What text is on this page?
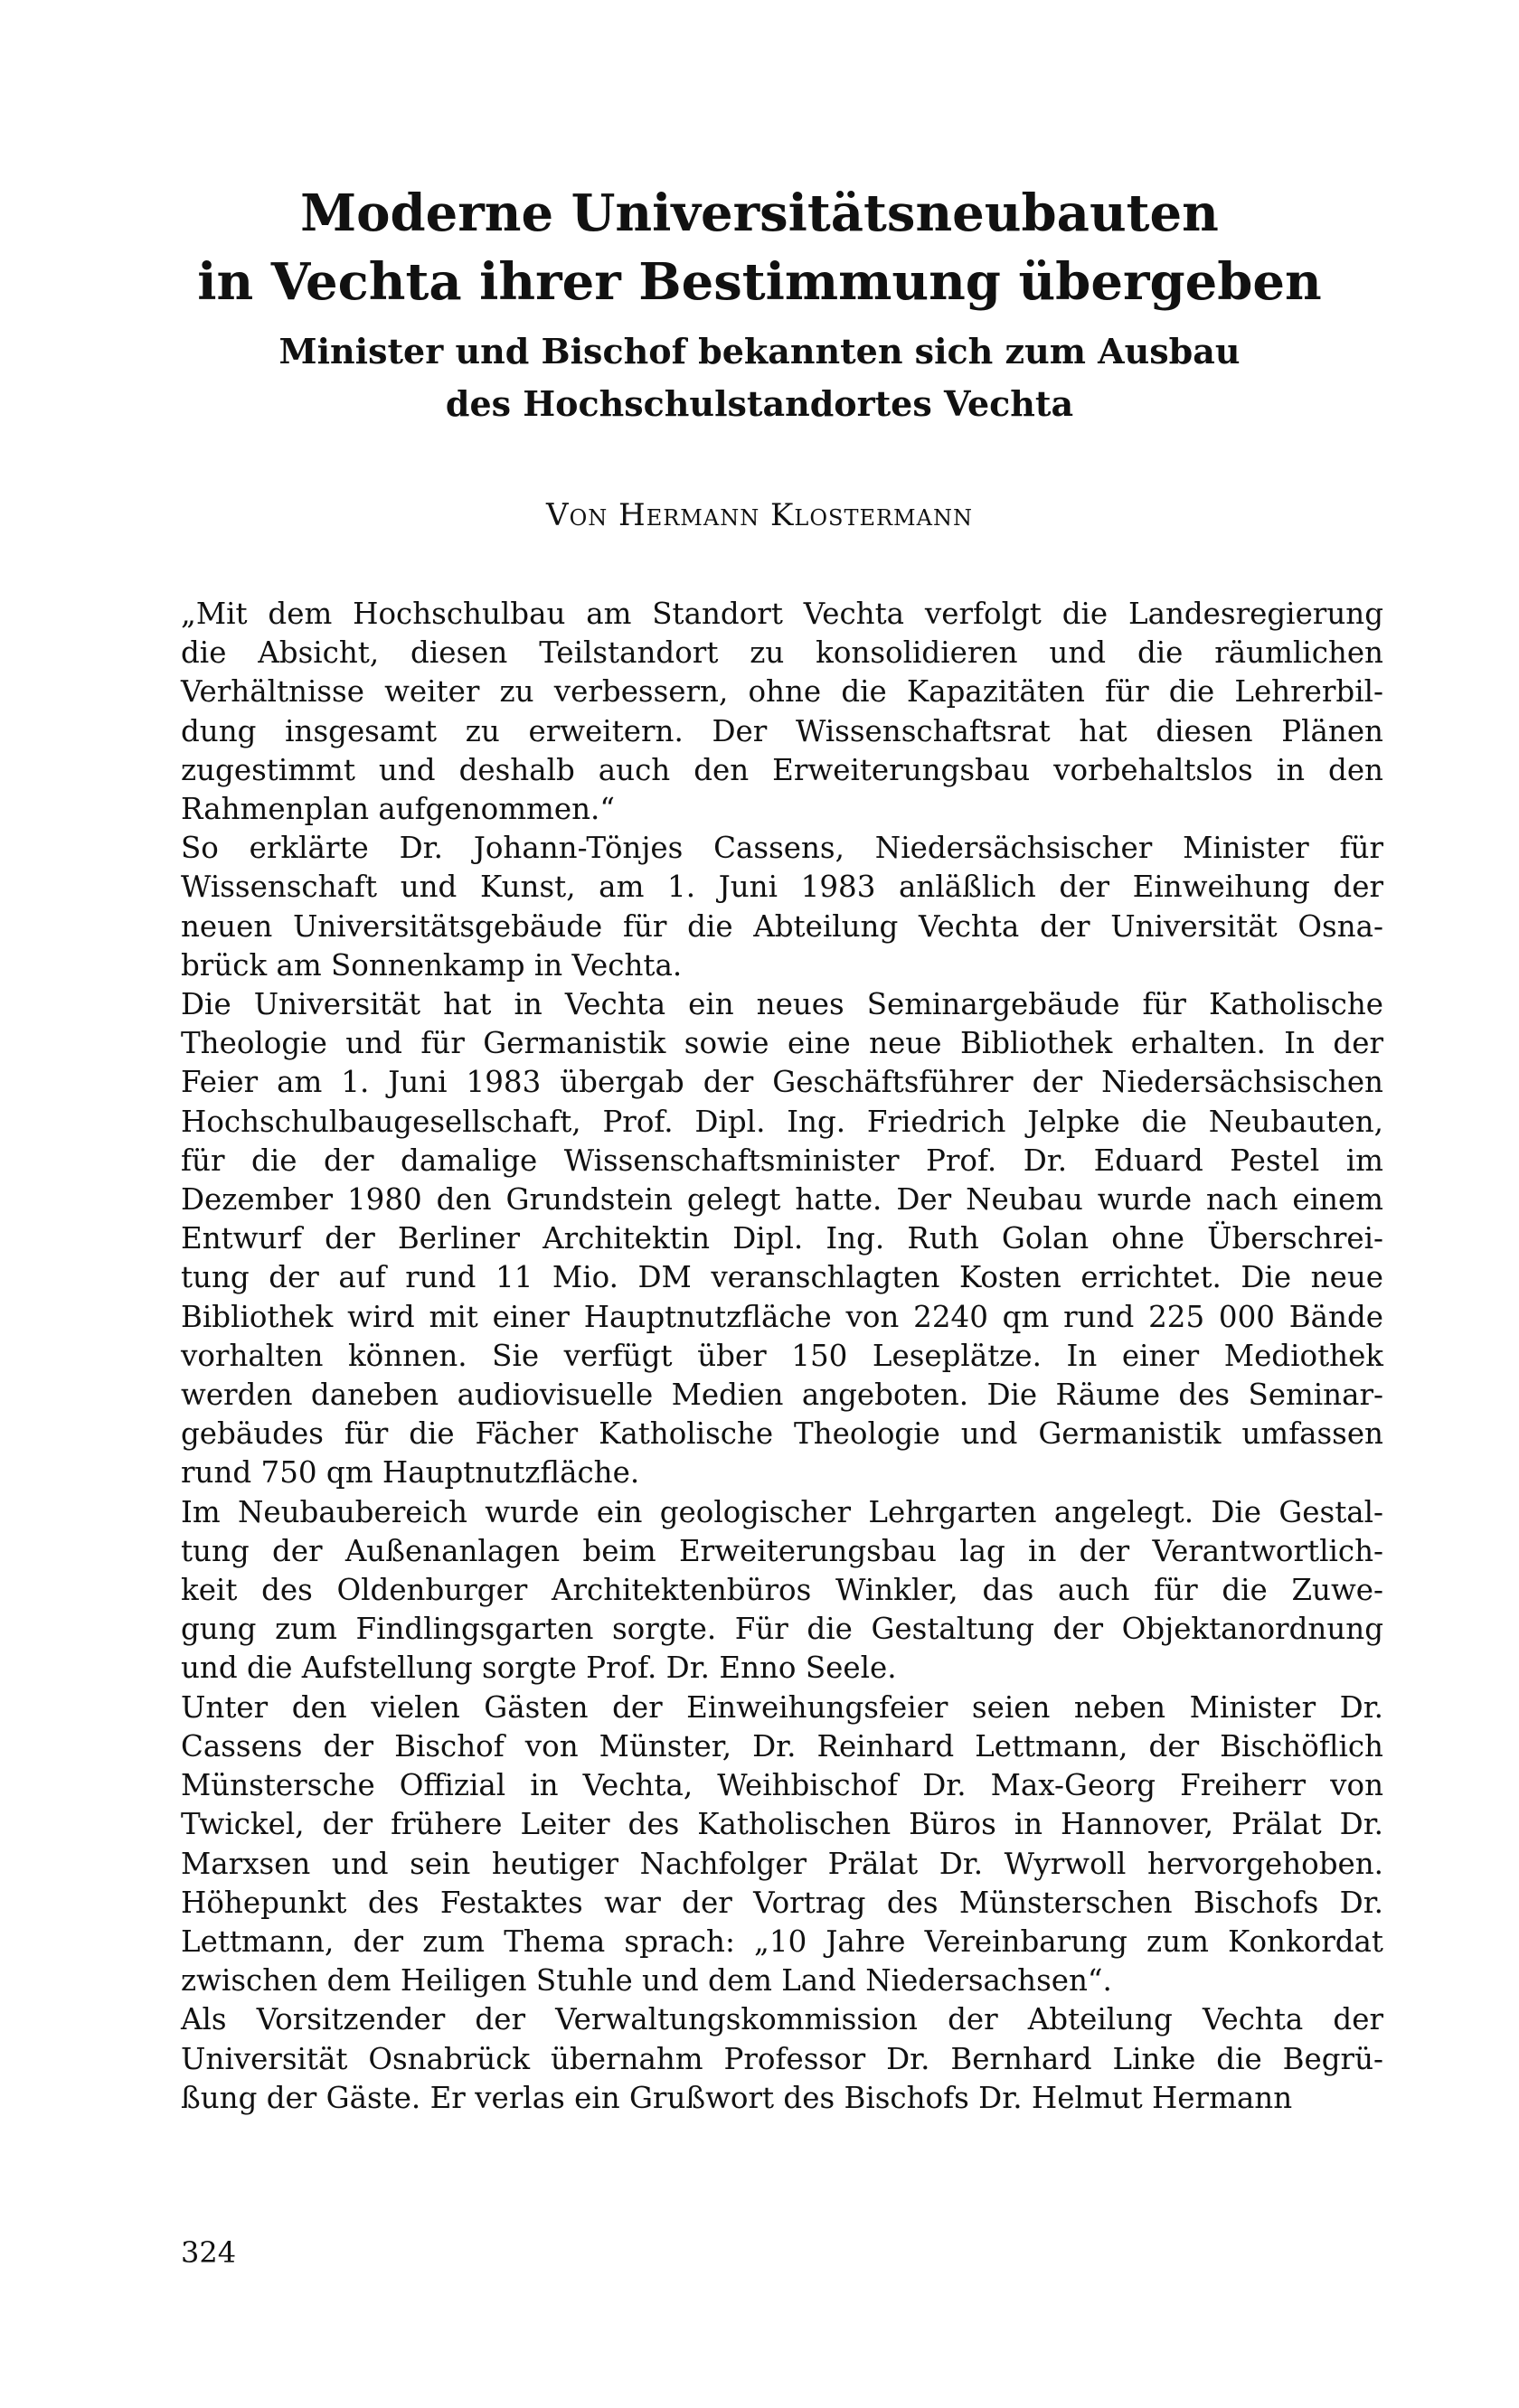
Moderne Universitätsneubauten
in Vechta ihrer Bestimmung übergeben
Minister und Bischof bekannten sich zum Ausbau
des Hochschulstandortes Vechta

Von Hermann Klostermann

„Mit dem Hochschulbau am Standort Vechta verfolgt die Landesregierung
die Absicht, diesen Teilstandort zu konsolidieren und die räumlichen
Verhältnisse weiter zu verbessern, ohne die Kapazitäten für die Lehrerbil-
dung insgesamt zu erweitern. Der Wissenschaftsrat hat diesen Plänen
zugestimmt und deshalb auch den Erweiterungsbau vorbehaltslos in den
Rahmenplan aufgenommen.“
So erklärte Dr. Johann-Tönjes Cassens, Niedersächsischer Minister für
Wissenschaft und Kunst, am 1. Juni 1983 anläßlich der Einweihung der
neuen Universitätsgebäude für die Abteilung Vechta der Universität Osna-
brück am Sonnenkamp in Vechta.
Die Universität hat in Vechta ein neues Seminargebäude für Katholische
Theologie und für Germanistik sowie eine neue Bibliothek erhalten. In der
Feier am 1. Juni 1983 übergab der Geschäftsführer der Niedersächsischen
Hochschulbaugesellschaft, Prof. Dipl. Ing. Friedrich Jelpke die Neubauten,
für die der damalige Wissenschaftsminister Prof. Dr. Eduard Pestel im
Dezember 1980 den Grundstein gelegt hatte. Der Neubau wurde nach einem
Entwurf der Berliner Architektin Dipl. Ing. Ruth Golan ohne Überschrei-
tung der auf rund 11 Mio. DM veranschlagten Kosten errichtet. Die neue
Bibliothek wird mit einer Hauptnutzfläche von 2240 qm rund 225 000 Bände
vorhalten können. Sie verfügt über 150 Leseplätze. In einer Mediothek
werden daneben audiovisuelle Medien angeboten. Die Räume des Seminar-
gebäudes für die Fächer Katholische Theologie und Germanistik umfassen
rund 750 qm Hauptnutzfläche.
Im Neubaubereich wurde ein geologischer Lehrgarten angelegt. Die Gestal-
tung der Außenanlagen beim Erweiterungsbau lag in der Verantwortlich-
keit des Oldenburger Architektenbüros Winkler, das auch für die Zuwe-
gung zum Findlingsgarten sorgte. Für die Gestaltung der Objektanordnung
und die Aufstellung sorgte Prof. Dr. Enno Seele.
Unter den vielen Gästen der Einweihungsfeier seien neben Minister Dr.
Cassens der Bischof von Münster, Dr. Reinhard Lettmann, der Bischöflich
Münstersche Offizial in Vechta, Weihbischof Dr. Max-Georg Freiherr von
Twickel, der frühere Leiter des Katholischen Büros in Hannover, Prälat Dr.
Marxsen und sein heutiger Nachfolger Prälat Dr. Wyrwoll hervorgehoben.
Höhepunkt des Festaktes war der Vortrag des Münsterschen Bischofs Dr.
Lettmann, der zum Thema sprach: „10 Jahre Vereinbarung zum Konkordat
zwischen dem Heiligen Stuhle und dem Land Niedersachsen“.
Als Vorsitzender der Verwaltungskommission der Abteilung Vechta der
Universität Osnabrück übernahm Professor Dr. Bernhard Linke die Begrü-
ßung der Gäste. Er verlas ein Grußwort des Bischofs Dr. Helmut Hermann
324
